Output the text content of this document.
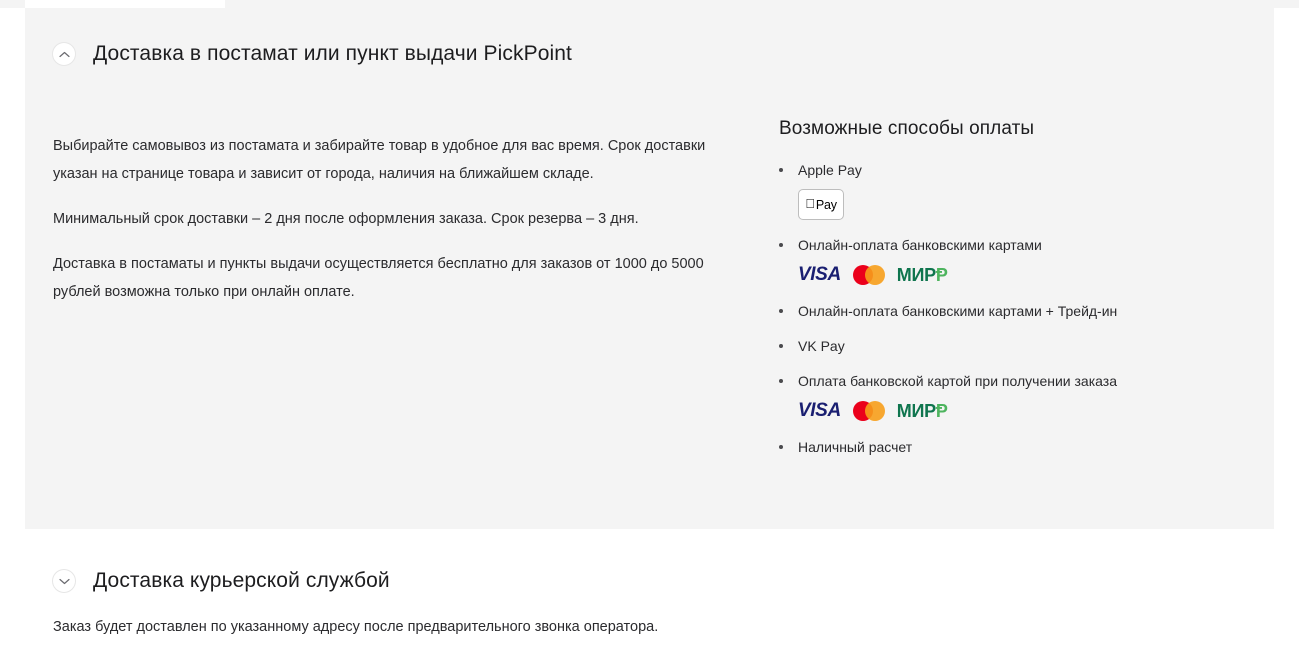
Доставка в постамат или пункт выдачи PickPoint

Выбирайте самовывоз из постамата и забирайте товар в удобное для вас время. Срок доставки указан на странице товара и зависит от города, наличия на ближайшем складе.

Минимальный срок доставки – 2 дня после оформления заказа. Срок резерва – 3 дня.

Доставка в постаматы и пункты выдачи осуществляется бесплатно для заказов от 1000 до 5000 рублей возможна только при онлайн оплате.

Возможные способы оплаты
Apple Pay
Pay
Онлайн-оплата банковскими картами
VISA	МИР Ᵽ
Онлайн-оплата банковскими картами + Трейд-ин
VK Pay
Оплата банковской картой при получении заказа
VISA	МИР Ᵽ
Наличный расчет
Доставка курьерской службой
Заказ будет доставлен по указанному адресу после предварительного звонка оператора.
